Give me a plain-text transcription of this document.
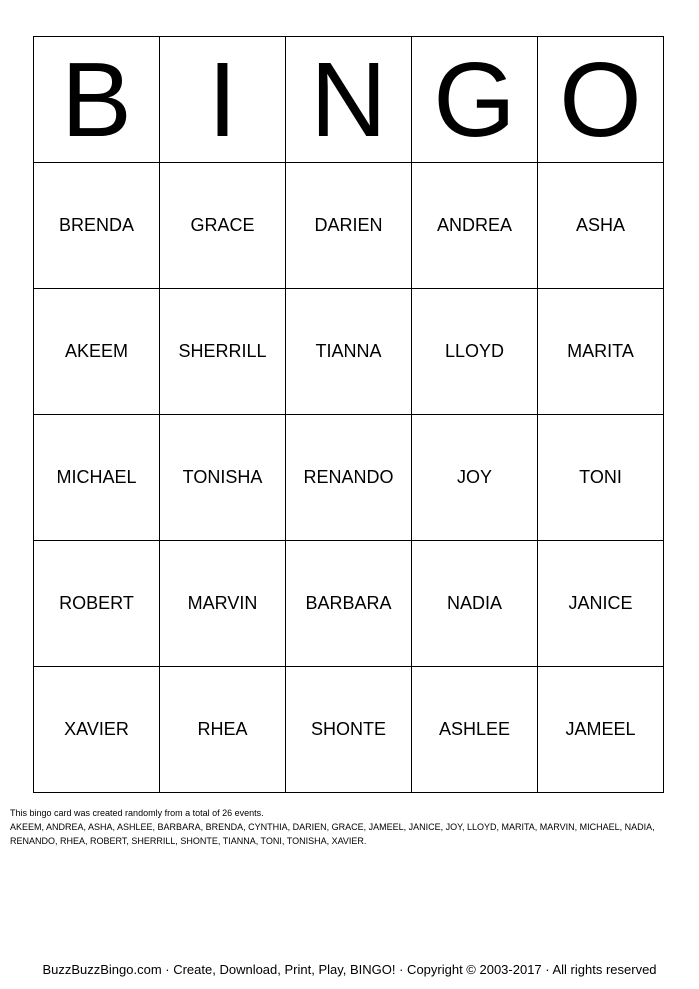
B	I	N	G	O
BRENDA	GRACE	DARIEN	ANDREA	ASHA
AKEEM	SHERRILL	TIANNA	LLOYD	MARITA
MICHAEL	TONISHA	RENANDO	JOY	TONI
ROBERT	MARVIN	BARBARA	NADIA	JANICE
XAVIER	RHEA	SHONTE	ASHLEE	JAMEEL
This bingo card was created randomly from a total of 26 events.
AKEEM, ANDREA, ASHA, ASHLEE, BARBARA, BRENDA, CYNTHIA, DARIEN, GRACE, JAMEEL, JANICE, JOY, LLOYD, MARITA, MARVIN, MICHAEL, NADIA,
RENANDO, RHEA, ROBERT, SHERRILL, SHONTE, TIANNA, TONI, TONISHA, XAVIER.
BuzzBuzzBingo.com · Create, Download, Print, Play, BINGO! · Copyright © 2003-2017 · All rights reserved
